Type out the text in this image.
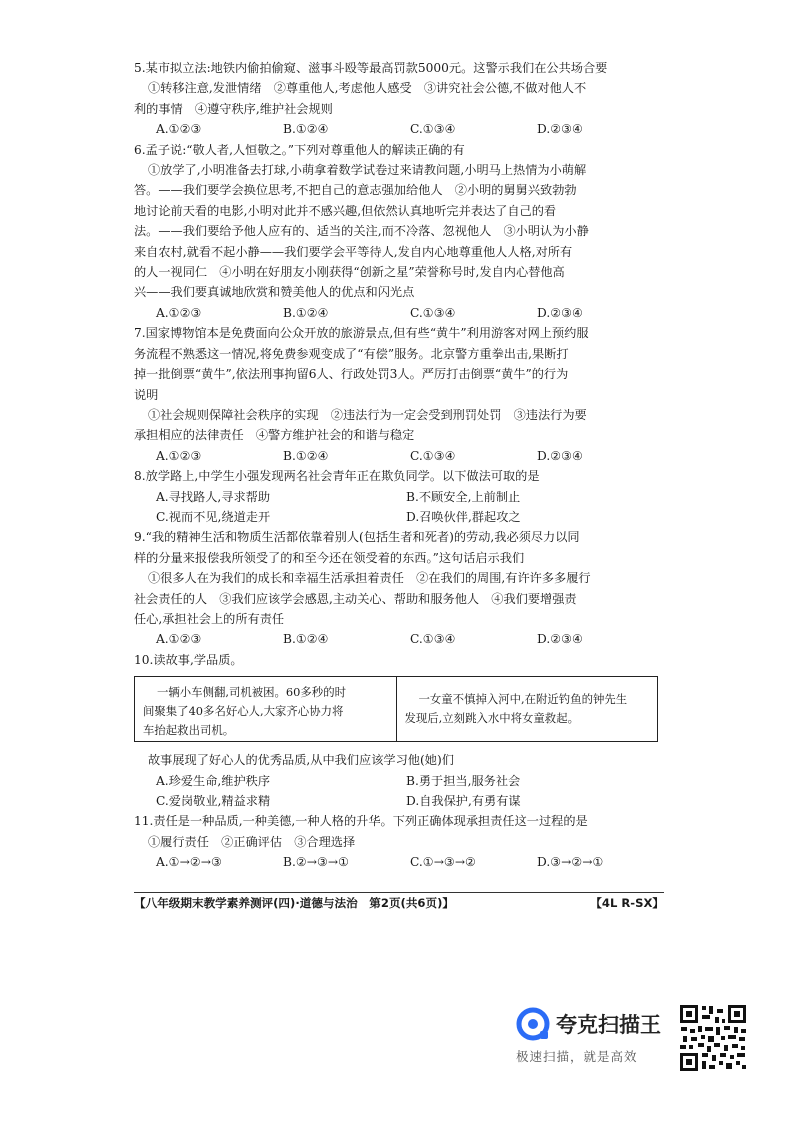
5.某市拟立法:地铁内偷拍偷窥、滋事斗殴等最高罚款5000元。这警示我们在公共场合要
①转移注意,发泄情绪　②尊重他人,考虑他人感受　③讲究社会公德,不做对他人不
利的事情　④遵守秩序,维护社会规则
A.①②③	B.①②④	C.①③④	D.②③④
6.孟子说:“敬人者,人恒敬之。”下列对尊重他人的解读正确的有
①放学了,小明准备去打球,小萌拿着数学试卷过来请教问题,小明马上热情为小萌解
答。——我们要学会换位思考,不把自己的意志强加给他人　②小明的舅舅兴致勃勃
地讨论前天看的电影,小明对此并不感兴趣,但依然认真地听完并表达了自己的看
法。——我们要给予他人应有的、适当的关注,而不冷落、忽视他人　③小明认为小静
来自农村,就看不起小静——我们要学会平等待人,发自内心地尊重他人人格,对所有
的人一视同仁　④小明在好朋友小刚获得“创新之星”荣誉称号时,发自内心替他高
兴——我们要真诚地欣赏和赞美他人的优点和闪光点
A.①②③	B.①②④	C.①③④	D.②③④
7.国家博物馆本是免费面向公众开放的旅游景点,但有些“黄牛”利用游客对网上预约服
务流程不熟悉这一情况,将免费参观变成了“有偿”服务。北京警方重拳出击,果断打
掉一批倒票“黄牛”,依法刑事拘留6人、行政处罚3人。严厉打击倒票“黄牛”的行为
说明
①社会规则保障社会秩序的实现　②违法行为一定会受到刑罚处罚　③违法行为要
承担相应的法律责任　④警方维护社会的和谐与稳定
A.①②③	B.①②④	C.①③④	D.②③④
8.放学路上,中学生小强发现两名社会青年正在欺负同学。以下做法可取的是
A.寻找路人,寻求帮助	B.不顾安全,上前制止
C.视而不见,绕道走开	D.召唤伙伴,群起攻之
9.“我的精神生活和物质生活都依靠着别人(包括生者和死者)的劳动,我必须尽力以同
样的分量来报偿我所领受了的和至今还在领受着的东西。”这句话启示我们
①很多人在为我们的成长和幸福生活承担着责任　②在我们的周围,有许许多多履行
社会责任的人　③我们应该学会感恩,主动关心、帮助和服务他人　④我们要增强责
任心,承担社会上的所有责任
A.①②③	B.①②④	C.①③④	D.②③④
10.读故事,学品质。
一辆小车侧翻,司机被困。60多秒的时
间聚集了40多名好心人,大家齐心协力将
车抬起救出司机。
一女童不慎掉入河中,在附近钓鱼的钟先生
发现后,立刻跳入水中将女童救起。
故事展现了好心人的优秀品质,从中我们应该学习他(她)们
A.珍爱生命,维护秩序	B.勇于担当,服务社会
C.爱岗敬业,精益求精	D.自我保护,有勇有谋
11.责任是一种品质,一种美德,一种人格的升华。下列正确体现承担责任这一过程的是
①履行责任　②正确评估　③合理选择
A.①→②→③	B.②→③→①	C.①→③→②	D.③→②→①
【八年级期末教学素养测评(四)·道德与法治　第2页(共6页)】	【4L R-SX】
夸克扫描王
极速扫描，就是高效
